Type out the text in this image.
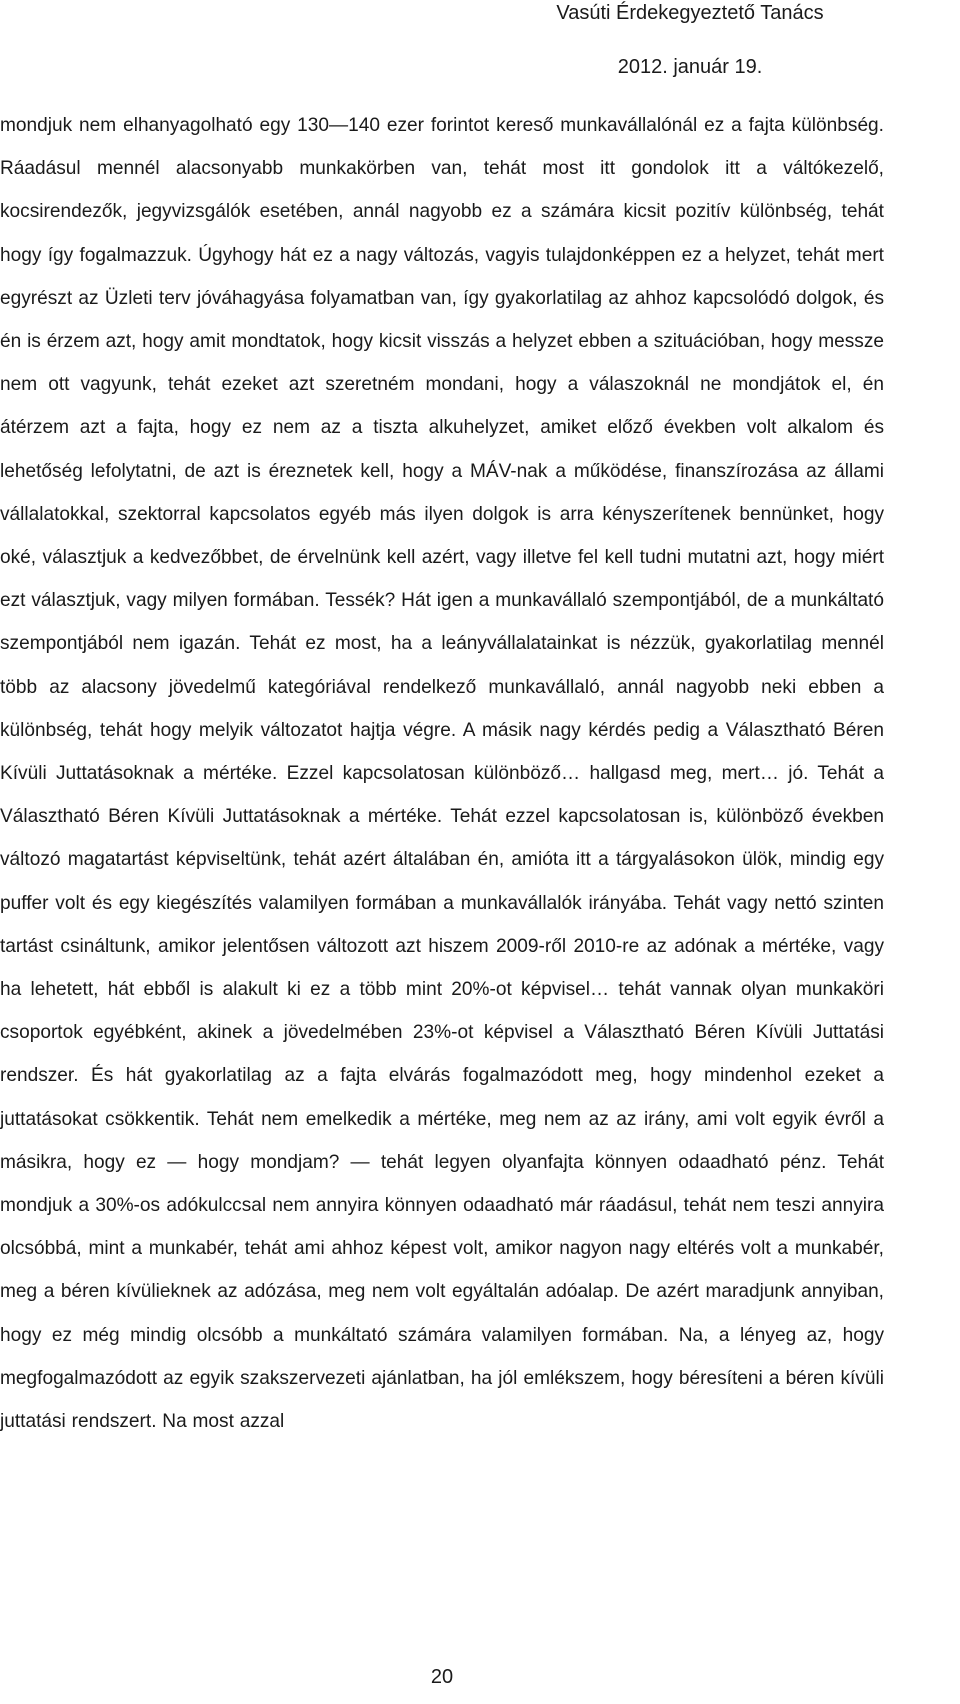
Vasúti Érdekegyeztető Tanács
2012. január 19.

mondjuk nem elhanyagolható egy 130—140 ezer forintot kereső munkavállalónál ez a fajta különbség. Ráadásul mennél alacsonyabb munkakörben van, tehát most itt gondolok itt a váltókezelő, kocsirendezők, jegyvizsgálók esetében, annál nagyobb ez a számára kicsit pozitív különbség, tehát hogy így fogalmazzuk. Úgyhogy hát ez a nagy változás, vagyis tulajdonképpen ez a helyzet, tehát mert egyrészt az Üzleti terv jóváhagyása folyamatban van, így gyakorlatilag az ahhoz kapcsolódó dolgok, és én is érzem azt, hogy amit mondtatok, hogy kicsit visszás a helyzet ebben a szituációban, hogy messze nem ott vagyunk, tehát ezeket azt szeretném mondani, hogy a válaszoknál ne mondjátok el, én átérzem azt a fajta, hogy ez nem az a tiszta alkuhelyzet, amiket előző években volt alkalom és lehetőség lefolytatni, de azt is éreznetek kell, hogy a MÁV-nak a működése, finanszírozása az állami vállalatokkal, szektorral kapcsolatos egyéb más ilyen dolgok is arra kényszerítenek bennünket, hogy oké, választjuk a kedvezőbbet, de érvelnünk kell azért, vagy illetve fel kell tudni mutatni azt, hogy miért ezt választjuk, vagy milyen formában. Tessék? Hát igen a munkavállaló szempontjából, de a munkáltató szempontjából nem igazán. Tehát ez most, ha a leányvállalatainkat is nézzük, gyakorlatilag mennél több az alacsony jövedelmű kategóriával rendelkező munkavállaló, annál nagyobb neki ebben a különbség, tehát hogy melyik változatot hajtja végre. A másik nagy kérdés pedig a Választható Béren Kívüli Juttatásoknak a mértéke. Ezzel kapcsolatosan különböző… hallgasd meg, mert… jó. Tehát a Választható Béren Kívüli Juttatásoknak a mértéke. Tehát ezzel kapcsolatosan is, különböző években változó magatartást képviseltünk, tehát azért általában én, amióta itt a tárgyalásokon ülök, mindig egy puffer volt és egy kiegészítés valamilyen formában a munkavállalók irányába. Tehát vagy nettó szinten tartást csináltunk, amikor jelentősen változott azt hiszem 2009-ről 2010-re az adónak a mértéke, vagy ha lehetett, hát ebből is alakult ki ez a több mint 20%-ot képvisel… tehát vannak olyan munkaköri csoportok egyébként, akinek a jövedelmében 23%-ot képvisel a Választható Béren Kívüli Juttatási rendszer. És hát gyakorlatilag az a fajta elvárás fogalmazódott meg, hogy mindenhol ezeket a juttatásokat csökkentik. Tehát nem emelkedik a mértéke, meg nem az az irány, ami volt egyik évről a másikra, hogy ez — hogy mondjam? — tehát legyen olyanfajta könnyen odaadható pénz. Tehát mondjuk a 30%-os adókulccsal nem annyira könnyen odaadható már ráadásul, tehát nem teszi annyira olcsóbbá, mint a munkabér, tehát ami ahhoz képest volt, amikor nagyon nagy eltérés volt a munkabér, meg a béren kívülieknek az adózása, meg nem volt egyáltalán adóalap. De azért maradjunk annyiban, hogy ez még mindig olcsóbb a munkáltató számára valamilyen formában. Na, a lényeg az, hogy megfogalmazódott az egyik szakszervezeti ajánlatban, ha jól emlékszem, hogy béresíteni a béren kívüli juttatási rendszert. Na most azzal

20
